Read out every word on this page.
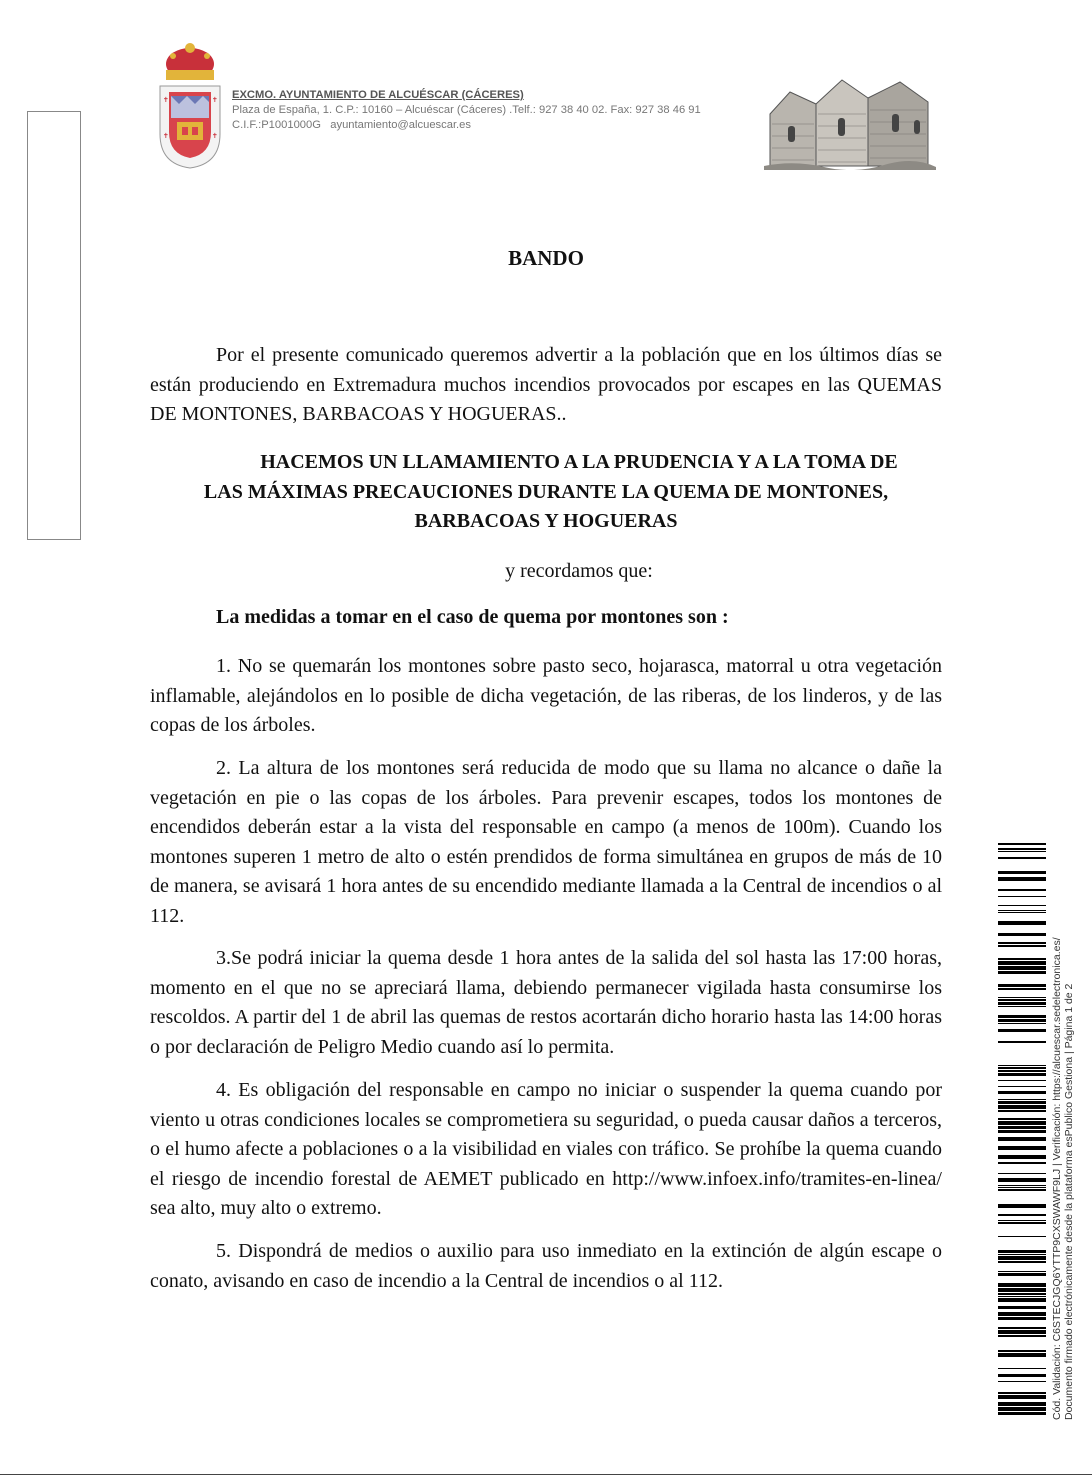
✝	✝
✝	✝
EXCMO. AYUNTAMIENTO DE ALCUÉSCAR (CÁCERES)
Plaza de España, 1. C.P.: 10160 – Alcuéscar (Cáceres) .Telf.: 927 38 40 02. Fax: 927 38 46 91
C.I.F.:P1001000G ayuntamiento@alcuescar.es
BANDO

Por el presente comunicado queremos advertir a la población que en los últimos días se están produciendo en Extremadura muchos incendios provocados por escapes en las QUEMAS DE MONTONES, BARBACOAS Y HOGUERAS..

HACEMOS UN LLAMAMIENTO A LA PRUDENCIA Y A LA TOMA DE
LAS MÁXIMAS PRECAUCIONES DURANTE LA QUEMA DE MONTONES,
BARBACOAS Y HOGUERAS
y recordamos que:
La medidas a tomar en el caso de quema por montones son :

1. No se quemarán los montones sobre pasto seco, hojarasca, matorral u otra vegetación inflamable, alejándolos en lo posible de dicha vegetación, de las riberas, de los linderos, y de las copas de los árboles.

2. La altura de los montones será reducida de modo que su llama no alcance o dañe la vegetación en pie o las copas de los árboles. Para prevenir escapes, todos los montones de encendidos deberán estar a la vista del responsable en campo (a menos de 100m). Cuando los montones superen 1 metro de alto o estén prendidos de forma simultánea en grupos de más de 10 de manera, se avisará 1 hora antes de su encendido mediante llamada a la Central de incendios o al 112.

3.Se podrá iniciar la quema desde 1 hora antes de la salida del sol hasta las 17:00 horas, momento en el que no se apreciará llama, debiendo permanecer vigilada hasta consumirse los rescoldos. A partir del 1 de abril las quemas de restos acortarán dicho horario hasta las 14:00 horas o por declaración de Peligro Medio cuando así lo permita.

4. Es obligación del responsable en campo no iniciar o suspender la quema cuando por viento u otras condiciones locales se comprometiera su seguridad, o pueda causar daños a terceros, o el humo afecte a poblaciones o a la visibilidad en viales con tráfico. Se prohíbe la quema cuando el riesgo de incendio forestal de AEMET publicado en http://www.infoex.info/tramites-en-linea/ sea alto, muy alto o extremo.

5. Dispondrá de medios o auxilio para uso inmediato en la extinción de algún escape o conato, avisando en caso de incendio a la Central de incendios o al 112.	Cód. Validación: C6STECJGQ6YTTP9CXSWAWF9LJ | Verificación: https://alcuescar.sedelectronica.es/ Documento firmado electrónicamente desde la plataforma esPublico Gestiona | Página 1 de 2
